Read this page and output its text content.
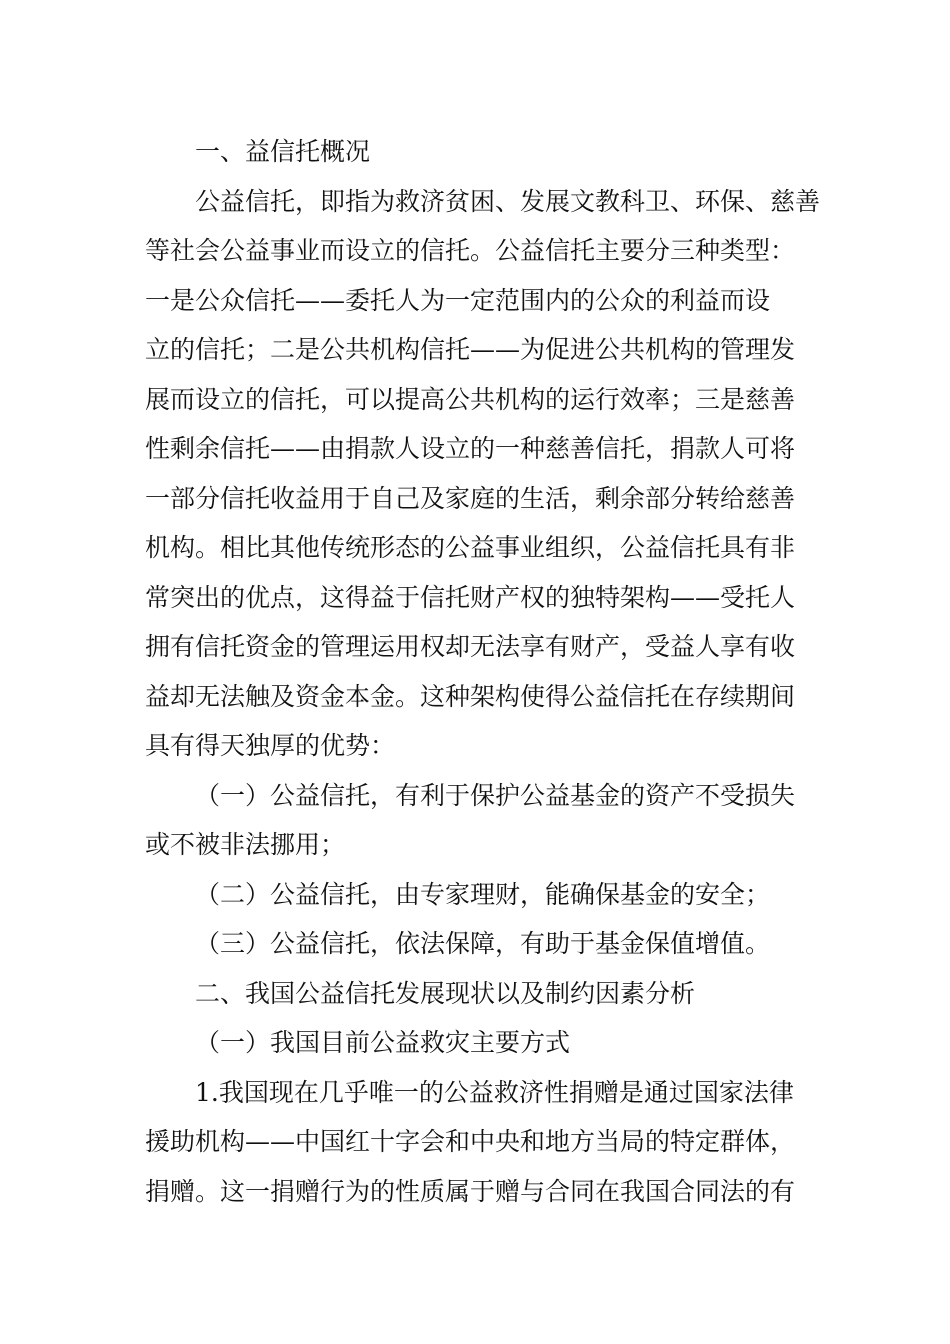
一、益信托概况
公益信托，即指为救济贫困、发展文教科卫、环保、慈善
等社会公益事业而设立的信托。公益信托主要分三种类型：
一是公众信托——委托人为一定范围内的公众的利益而设
立的信托；二是公共机构信托——为促进公共机构的管理发
展而设立的信托，可以提高公共机构的运行效率；三是慈善
性剩余信托——由捐款人设立的一种慈善信托，捐款人可将
一部分信托收益用于自己及家庭的生活，剩余部分转给慈善
机构。相比其他传统形态的公益事业组织，公益信托具有非
常突出的优点，这得益于信托财产权的独特架构——受托人
拥有信托资金的管理运用权却无法享有财产，受益人享有收
益却无法触及资金本金。这种架构使得公益信托在存续期间
具有得天独厚的优势：
（一）公益信托，有利于保护公益基金的资产不受损失
或不被非法挪用；
（二）公益信托，由专家理财，能确保基金的安全；
（三）公益信托，依法保障，有助于基金保值增值。
二、我国公益信托发展现状以及制约因素分析
（一）我国目前公益救灾主要方式
1.我国现在几乎唯一的公益救济性捐赠是通过国家法律
援助机构——中国红十字会和中央和地方当局的特定群体，
捐赠。这一捐赠行为的性质属于赠与合同在我国合同法的有
